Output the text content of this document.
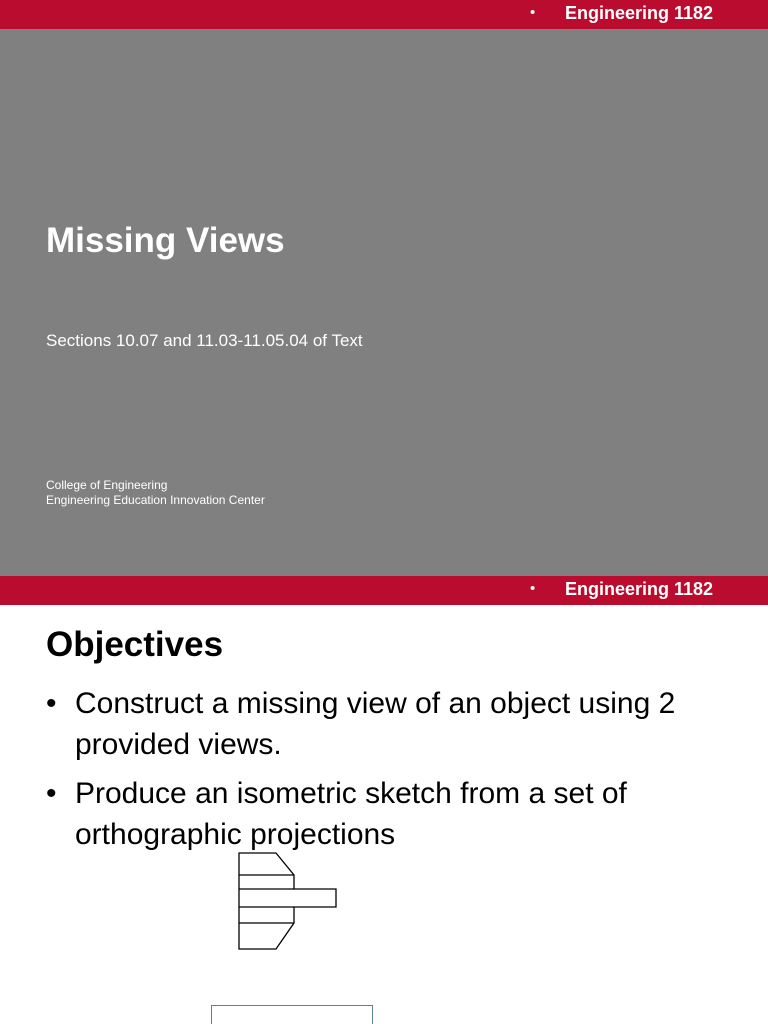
• Engineering 1182
Missing Views
Sections 10.07 and 11.03-11.05.04 of Text
College of Engineering
Engineering Education Innovation Center
• Engineering 1182
Objectives
• Construct a missing view of an object using 2 provided views.
• Produce an isometric sketch from a set of orthographic projections
